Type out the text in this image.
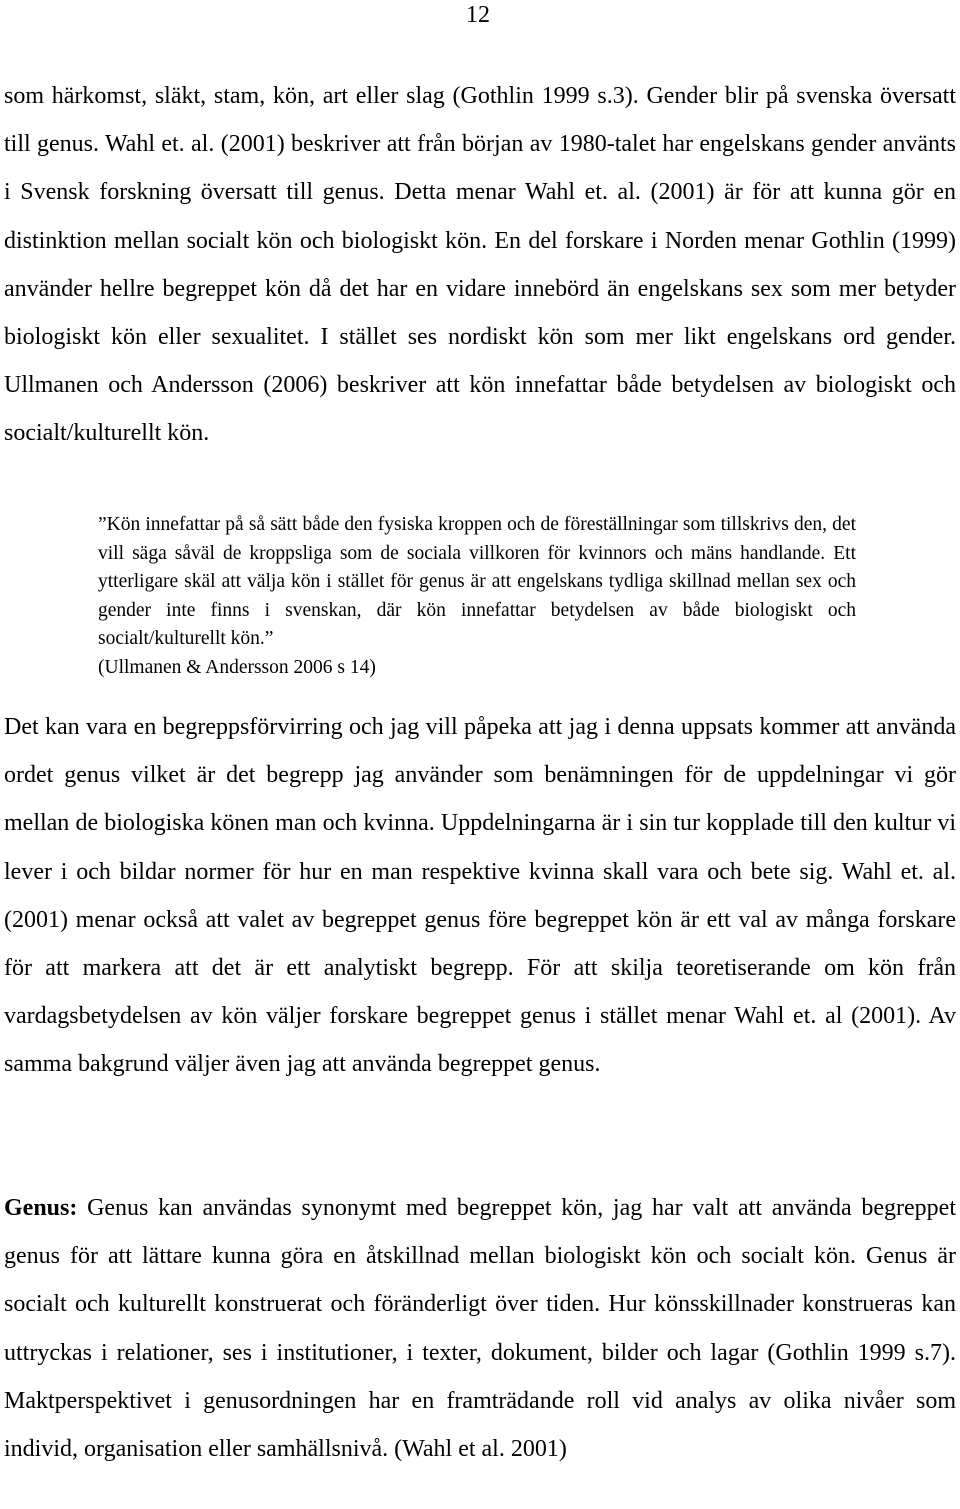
12

som härkomst, släkt, stam, kön, art eller slag (Gothlin 1999 s.3). Gender blir på svenska översatt till genus. Wahl et. al. (2001) beskriver att från början av 1980-talet har engelskans gender använts i Svensk forskning översatt till genus. Detta menar Wahl et. al. (2001) är för att kunna gör en distinktion mellan socialt kön och biologiskt kön. En del forskare i Norden menar Gothlin (1999) använder hellre begreppet kön då det har en vidare innebörd än engelskans sex som mer betyder biologiskt kön eller sexualitet. I stället ses nordiskt kön som mer likt engelskans ord gender. Ullmanen och Andersson (2006) beskriver att kön innefattar både betydelsen av biologiskt och socialt/kulturellt kön.

”Kön innefattar på så sätt både den fysiska kroppen och de föreställningar som tillskrivs den, det vill säga såväl de kroppsliga som de sociala villkoren för kvinnors och mäns handlande. Ett ytterligare skäl att välja kön i stället för genus är att engelskans tydliga skillnad mellan sex och gender inte finns i svenskan, där kön innefattar betydelsen av både biologiskt och socialt/kulturellt kön.”
(Ullmanen & Andersson 2006 s 14)

Det kan vara en begreppsförvirring och jag vill påpeka att jag i denna uppsats kommer att använda ordet genus vilket är det begrepp jag använder som benämningen för de uppdelningar vi gör mellan de biologiska könen man och kvinna. Uppdelningarna är i sin tur kopplade till den kultur vi lever i och bildar normer för hur en man respektive kvinna skall vara och bete sig. Wahl et. al. (2001) menar också att valet av begreppet genus före begreppet kön är ett val av många forskare för att markera att det är ett analytiskt begrepp. För att skilja teoretiserande om kön från vardagsbetydelsen av kön väljer forskare begreppet genus i stället menar Wahl et. al (2001). Av samma bakgrund väljer även jag att använda begreppet genus.

Genus: Genus kan användas synonymt med begreppet kön, jag har valt att använda begreppet genus för att lättare kunna göra en åtskillnad mellan biologiskt kön och socialt kön. Genus är socialt och kulturellt konstruerat och föränderligt över tiden. Hur könsskillnader konstrueras kan uttryckas i relationer, ses i institutioner, i texter, dokument, bilder och lagar (Gothlin 1999 s.7). Maktperspektivet i genusordningen har en framträdande roll vid analys av olika nivåer som individ, organisation eller samhällsnivå. (Wahl et al. 2001)
